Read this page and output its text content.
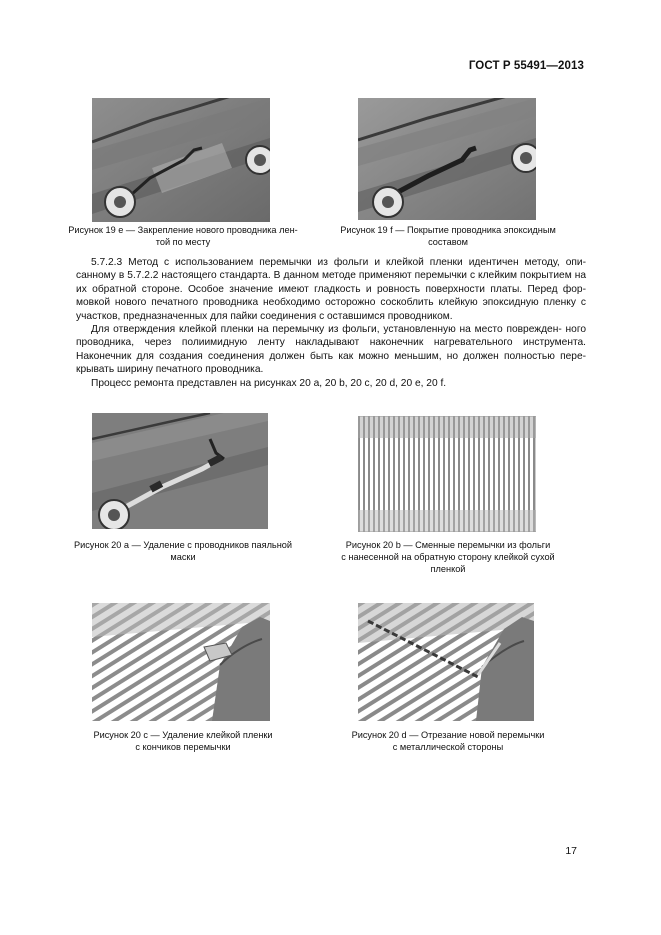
ГОСТ Р 55491—2013
Рисунок 19 е — Закрепление нового проводника лен-
той по месту
Рисунок 19 f — Покрытие проводника эпоксидным
составом

5.7.2.3 Метод с использованием перемычки из фольги и клейкой пленки идентичен методу, опи- санному в 5.7.2.2 настоящего стандарта. В данном методе применяют перемычки с клейким покрытием на их обратной стороне. Особое значение имеют гладкость и ровность поверхности платы. Перед фор- мовкой нового печатного проводника необходимо осторожно соскоблить клейкую эпоксидную пленку с участков, предназначенных для пайки соединения с оставшимся проводником.

Для отверждения клейкой пленки на перемычку из фольги, установленную на место поврежден- ного проводника, через полиимидную ленту накладывают наконечник нагревательного инструмента. Наконечник для создания соединения должен быть как можно меньшим, но должен полностью пере- крывать ширину печатного проводника.

Процесс ремонта представлен на рисунках 20 а, 20 b, 20 с, 20 d, 20 е, 20 f.

Рисунок 20 а — Удаление с проводников паяльной
маски
Рисунок 20 b — Сменные перемычки из фольги
с нанесенной на обратную сторону клейкой сухой
пленкой
Рисунок 20 с — Удаление клейкой пленки
с кончиков перемычки
Рисунок 20 d — Отрезание новой перемычки
с металлической стороны
17
